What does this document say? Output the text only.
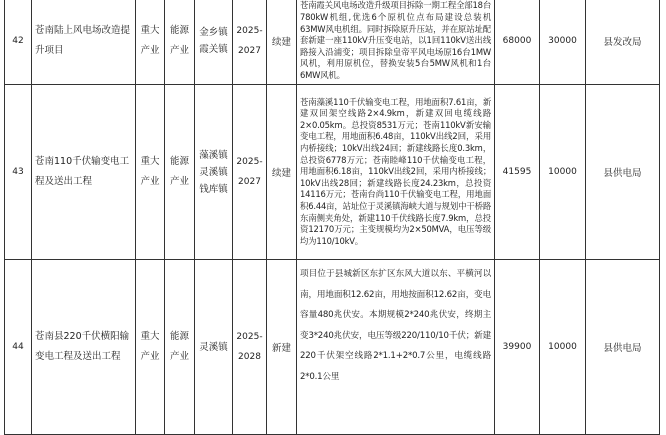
42	苍南陆上风电场改造提升项目	重大产业	能源产业	金乡镇霞关镇	2025-2027	续建	苍南霞关风电场改造升级项目拆除一期工程全部18台780kW机组,优选6个原机位点布局建设总装机63MW风电机组。同时拆除原升压站，并在原站址配套新建一座110kV升压变电站，以1回110kV送出线路接入沿浦变；项目拆除皇帝平风电场原16台1MW风机，利用原机位，替换安装5台5MW风机和1台6MW风机。	68000	30000	县发改局
43	苍南110千伏输变电工程及送出工程	重大产业	能源产业	藻溪镇灵溪镇钱库镇	2025-2027	续建	苍南藻溪110千伏输变电工程，用地面积7.61亩，新建双回架空线路2×4.9km，新建双回电缆线路2×0.05km。总投资8531万元；苍南110kV新安输变电工程，用地面积6.48亩，110kV出线2回，采用内桥接线；10kV出线24回；新建线路长度0.3km，总投资6778万元；苍南睦峰110千伏输变电工程，用地面积6.18亩，110kV出线2回，采用内桥接线；10kV出线28回；新建线路长度24.23km，总投资14116万元；苍南台尚110千伏输变电工程，用地面积6.44亩，站址位于灵溪镇海峡大道与规划中干桥路东南侧夹角处，新建110千伏线路长度7.9km，总投资12170万元；主变规模均为2×50MVA，电压等级均为110/10kV。	41595	10000	县供电局
44	苍南县220千伏横阳输变电工程及送出工程	重大产业	能源产业	灵溪镇	2025-2028	新建	项目位于县城新区东扩区东风大道以东、平横河以南，用地面积12.62亩，用地按面积12.62亩，变电容量480兆伏安。本期规模2*240兆伏安，终期主变3*240兆伏安，电压等级220/110/10千伏；新建220千伏架空线路2*1.1+2*0.7公里，电缆线路2*0.1公里	39900	10000	县供电局
